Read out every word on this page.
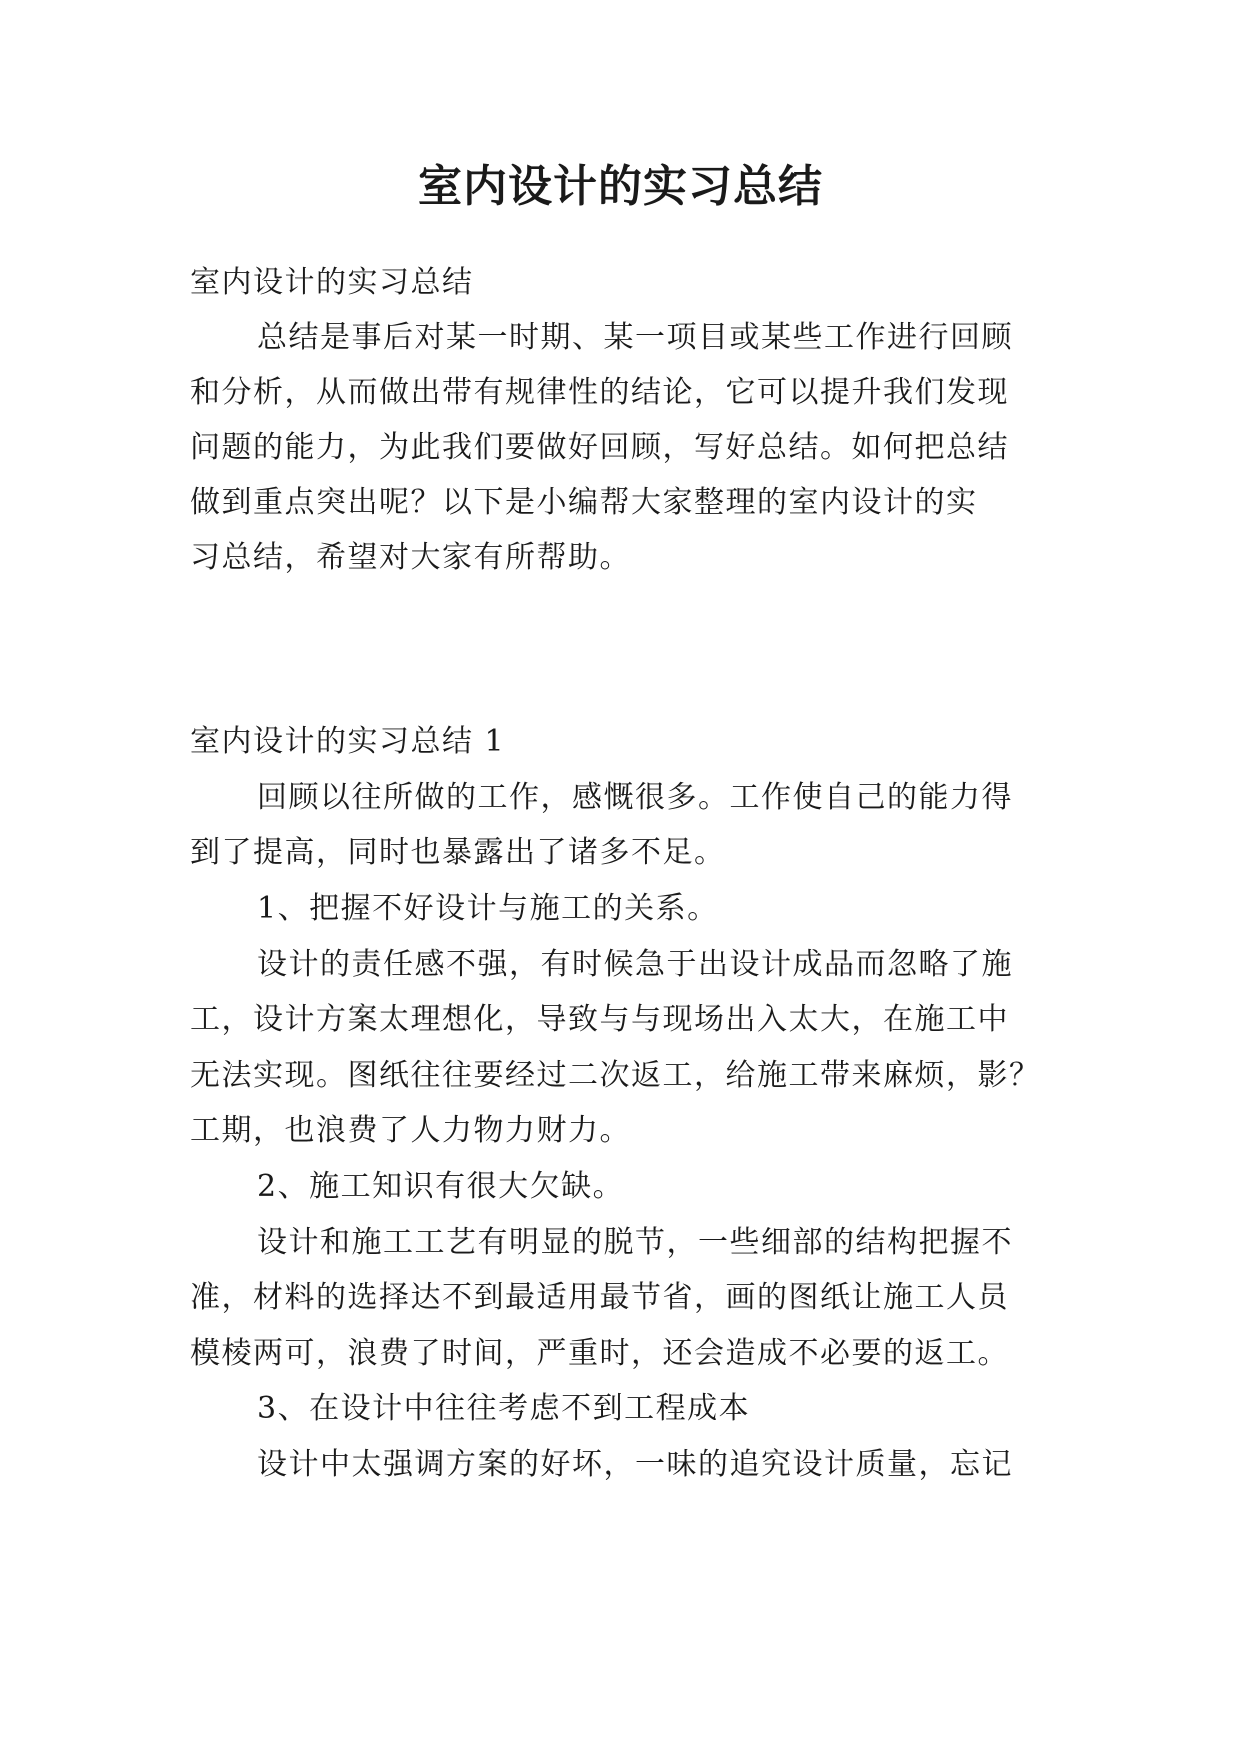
室内设计的实习总结
室内设计的实习总结
总结是事后对某一时期、某一项目或某些工作进行回顾
和分析，从而做出带有规律性的结论，它可以提升我们发现
问题的能力，为此我们要做好回顾，写好总结。如何把总结
做到重点突出呢？以下是小编帮大家整理的室内设计的实
习总结，希望对大家有所帮助。
室内设计的实习总结 1
回顾以往所做的工作，感慨很多。工作使自己的能力得
到了提高，同时也暴露出了诸多不足。
1、把握不好设计与施工的关系。
设计的责任感不强，有时候急于出设计成品而忽略了施
工，设计方案太理想化，导致与与现场出入太大，在施工中
无法实现。图纸往往要经过二次返工，给施工带来麻烦，影？
工期，也浪费了人力物力财力。
2、施工知识有很大欠缺。
设计和施工工艺有明显的脱节，一些细部的结构把握不
准，材料的选择达不到最适用最节省，画的图纸让施工人员
模棱两可，浪费了时间，严重时，还会造成不必要的返工。
3、在设计中往往考虑不到工程成本
设计中太强调方案的好坏，一味的追究设计质量，忘记
